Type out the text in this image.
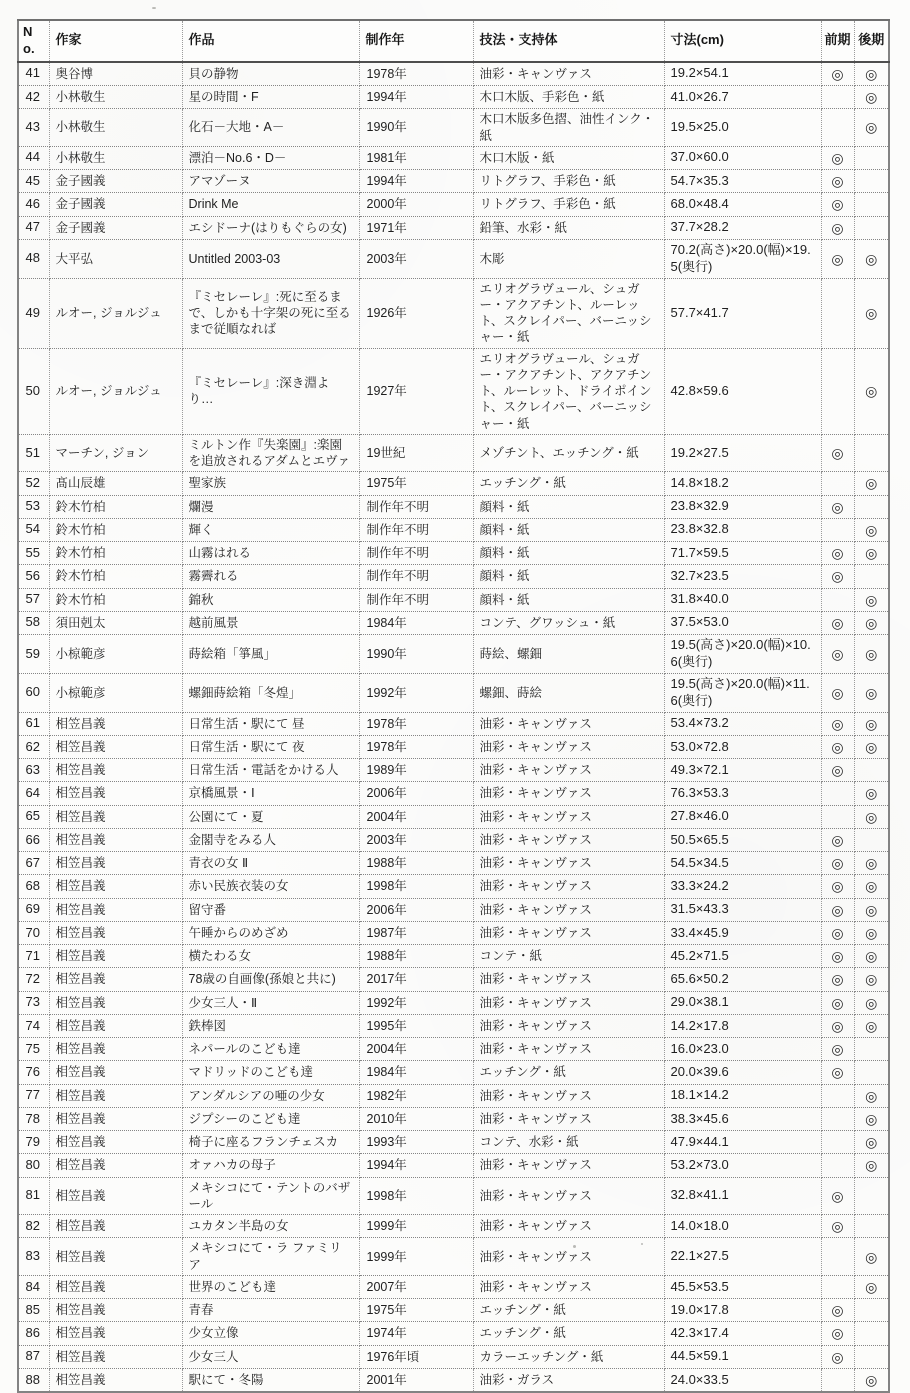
No.	作家	作品	制作年	技法・支持体	寸法(cm)	前期	後期
41	奥谷博	貝の静物	1978年	油彩・キャンヴァス	19.2×54.1	◎	◎
42	小林敬生	星の時間・F	1994年	木口木版、手彩色・紙	41.0×26.7		◎
43	小林敬生	化石－大地・A－	1990年	木口木版多色摺、油性インク・紙	19.5×25.0		◎
44	小林敬生	漂泊－No.6・D－	1981年	木口木版・紙	37.0×60.0	◎	
45	金子國義	アマゾーヌ	1994年	リトグラフ、手彩色・紙	54.7×35.3	◎	
46	金子國義	Drink Me	2000年	リトグラフ、手彩色・紙	68.0×48.4	◎	
47	金子國義	エシドーナ(はりもぐらの女)	1971年	鉛筆、水彩・紙	37.7×28.2	◎	
48	大平弘	Untitled 2003-03	2003年	木彫	70.2(高さ)×20.0(幅)×19.5(奥行)	◎	◎
49	ルオー, ジョルジュ	『ミセレーレ』:死に至るまで、しかも十字架の死に至るまで従順なれば	1926年	エリオグラヴュール、シュガー・アクアチント、ルーレット、スクレイパー、バーニッシャー・紙	57.7×41.7		◎
50	ルオー, ジョルジュ	『ミセレーレ』:深き淵より…	1927年	エリオグラヴュール、シュガー・アクアチント、アクアチント、ルーレット、ドライポイント、スクレイパー、バーニッシャー・紙	42.8×59.6		◎
51	マーチン, ジョン	ミルトン作『失楽園』:楽園を追放されるアダムとエヴァ	19世紀	メゾチント、エッチング・紙	19.2×27.5	◎	
52	髙山辰雄	聖家族	1975年	エッチング・紙	14.8×18.2		◎
53	鈴木竹柏	爛漫	制作年不明	顔料・紙	23.8×32.9	◎	
54	鈴木竹柏	輝く	制作年不明	顔料・紙	23.8×32.8		◎
55	鈴木竹柏	山霧はれる	制作年不明	顔料・紙	71.7×59.5	◎	◎
56	鈴木竹柏	霧霽れる	制作年不明	顔料・紙	32.7×23.5	◎	
57	鈴木竹柏	錦秋	制作年不明	顔料・紙	31.8×40.0		◎
58	須田剋太	越前風景	1984年	コンテ、グワッシュ・紙	37.5×53.0	◎	◎
59	小椋範彦	蒔絵箱「箏風」	1990年	蒔絵、螺鈿	19.5(高さ)×20.0(幅)×10.6(奥行)	◎	◎
60	小椋範彦	螺鈿蒔絵箱「冬煌」	1992年	螺鈿、蒔絵	19.5(高さ)×20.0(幅)×11.6(奥行)	◎	◎
61	相笠昌義	日常生活・駅にて 昼	1978年	油彩・キャンヴァス	53.4×73.2	◎	◎
62	相笠昌義	日常生活・駅にて 夜	1978年	油彩・キャンヴァス	53.0×72.8	◎	◎
63	相笠昌義	日常生活・電話をかける人	1989年	油彩・キャンヴァス	49.3×72.1	◎	
64	相笠昌義	京橋風景・Ⅰ	2006年	油彩・キャンヴァス	76.3×53.3		◎
65	相笠昌義	公園にて・夏	2004年	油彩・キャンヴァス	27.8×46.0		◎
66	相笠昌義	金閣寺をみる人	2003年	油彩・キャンヴァス	50.5×65.5	◎	
67	相笠昌義	青衣の女 Ⅱ	1988年	油彩・キャンヴァス	54.5×34.5	◎	◎
68	相笠昌義	赤い民族衣装の女	1998年	油彩・キャンヴァス	33.3×24.2	◎	◎
69	相笠昌義	留守番	2006年	油彩・キャンヴァス	31.5×43.3	◎	◎
70	相笠昌義	午睡からのめざめ	1987年	油彩・キャンヴァス	33.4×45.9	◎	◎
71	相笠昌義	横たわる女	1988年	コンテ・紙	45.2×71.5	◎	◎
72	相笠昌義	78歳の自画像(孫娘と共に)	2017年	油彩・キャンヴァス	65.6×50.2	◎	◎
73	相笠昌義	少女三人・Ⅱ	1992年	油彩・キャンヴァス	29.0×38.1	◎	◎
74	相笠昌義	鉄棒図	1995年	油彩・キャンヴァス	14.2×17.8	◎	◎
75	相笠昌義	ネパールのこども達	2004年	油彩・キャンヴァス	16.0×23.0	◎	
76	相笠昌義	マドリッドのこども達	1984年	エッチング・紙	20.0×39.6	◎	
77	相笠昌義	アンダルシアの唖の少女	1982年	油彩・キャンヴァス	18.1×14.2		◎
78	相笠昌義	ジプシーのこども達	2010年	油彩・キャンヴァス	38.3×45.6		◎
79	相笠昌義	椅子に座るフランチェスカ	1993年	コンテ、水彩・紙	47.9×44.1		◎
80	相笠昌義	オァハカの母子	1994年	油彩・キャンヴァス	53.2×73.0		◎
81	相笠昌義	メキシコにて・テントのバザール	1998年	油彩・キャンヴァス	32.8×41.1	◎	
82	相笠昌義	ユカタン半島の女	1999年	油彩・キャンヴァス	14.0×18.0	◎	
83	相笠昌義	メキシコにて・ラ ファミリア	1999年	油彩・キャンヴァス	22.1×27.5		◎
84	相笠昌義	世界のこども達	2007年	油彩・キャンヴァス	45.5×53.5		◎
85	相笠昌義	青春	1975年	エッチング・紙	19.0×17.8	◎	
86	相笠昌義	少女立像	1974年	エッチング・紙	42.3×17.4	◎	
87	相笠昌義	少女三人	1976年頃	カラーエッチング・紙	44.5×59.1	◎	
88	相笠昌義	駅にて・冬陽	2001年	油彩・ガラス	24.0×33.5		◎
